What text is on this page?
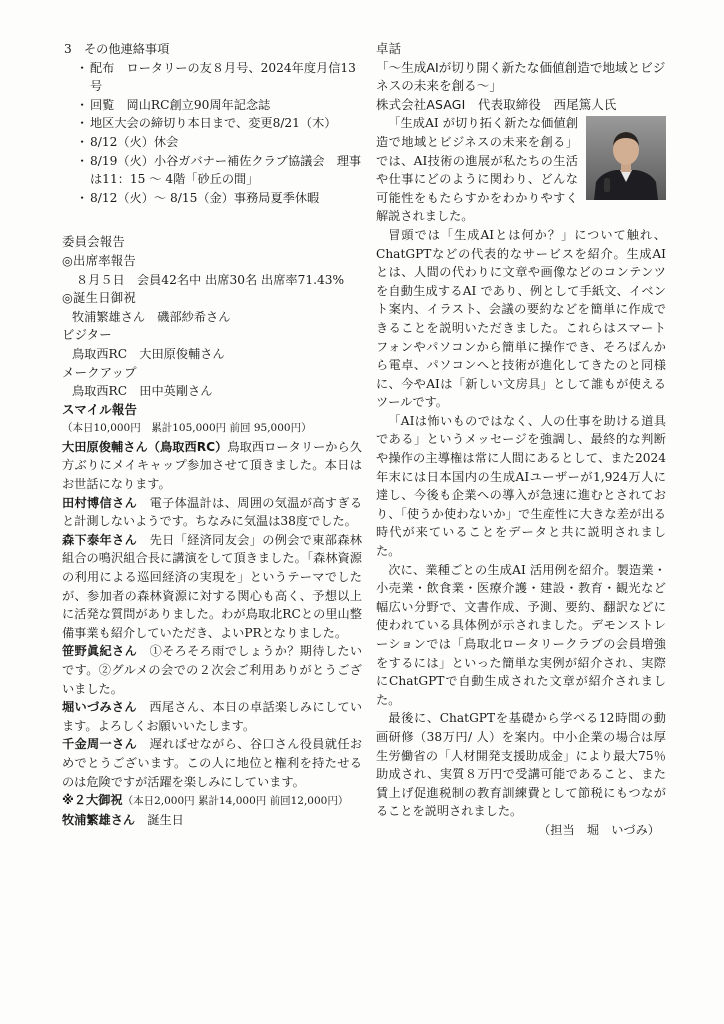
3 その他連絡事項

・ 配布　ロータリーの友８月号、2024年度月信13号
・ 回覧　岡山RC創立90周年記念誌
・ 地区大会の締切り本日まで、変更8/21（木）
・ 8/12（火）休会
・ 8/19（火）小谷ガバナー補佐クラブ協議会　理事は11：15 ～ 4階「砂丘の間」
・ 8/12（火）～ 8/15（金）事務局夏季休暇

委員会報告

◎出席率報告

８月５日　会員42名中 出席30名 出席率71.43%

◎誕生日御祝

牧浦繁雄さん　磯部紗希さん

ビジター

鳥取西RC　大田原俊輔さん

メークアップ

鳥取西RC　田中英剛さん

スマイル報告

（本日10,000円　累計105,000円 前回 95,000円）

大田原俊輔さん（鳥取西RC）鳥取西ロータリーから久方ぶりにメイキャップ参加させて頂きました。本日はお世話になります。

田村博信さん　 電子体温計は、周囲の気温が高すぎると計測しないようです。ちなみに気温は38度でした。

森下泰年さん　 先日「経済同友会」の例会で東部森林組合の鳴沢組合長に講演をして頂きました。「森林資源の利用による巡回経済の実現を」というテーマでしたが、参加者の森林資源に対する関心も高く、予想以上に活発な質問がありました。わが鳥取北RCとの里山整備事業も紹介していただき、よいPRとなりました。

笹野眞紀さん　 ①そろそろ雨でしょうか？期待したいです。②グルメの会での２次会ご利用ありがとうございました。

堀いづみさん　 西尾さん、本日の卓話楽しみにしています。よろしくお願いいたします。

千金周一さん　 遅ればせながら、谷口さん役員就任おめでとうございます。この人に地位と権利を持たせるのは危険ですが活躍を楽しみにしています。

※２大御祝（本日2,000円 累計14,000円 前回12,000円）

牧浦繁雄さん　 誕生日

卓話

「～生成AIが切り開く新たな価値創造で地域とビジネスの未来を創る～」

株式会社ASAGI　代表取締役　西尾篤人氏

「生成AI が切り拓く新たな価値創造で地域とビジネスの未来を創る」では、AI技術の進展が私たちの生活や仕事にどのように関わり、どんな可能性をもたらすかをわかりやすく解説されました。

冒頭では「生成AIとは何か？」について触れ、ChatGPTなどの代表的なサービスを紹介。生成AI とは、人間の代わりに文章や画像などのコンテンツを自動生成するAI であり、例として手紙文、イベント案内、イラスト、会議の要約などを簡単に作成できることを説明いただきました。これらはスマートフォンやパソコンから簡単に操作でき、そろばんから電卓、パソコンへと技術が進化してきたのと同様に、今やAIは「新しい文房具」として誰もが使えるツールです。

「AIは怖いものではなく、人の仕事を助ける道具である」というメッセージを強調し、最終的な判断や操作の主導権は常に人間にあるとして、また2024年末には日本国内の生成AIユーザーが1,924万人に達し、今後も企業への導入が急速に進むとされており、「使うか使わないか」で生産性に大きな差が出る時代が来ていることをデータと共に説明されました。

次に、業種ごとの生成AI 活用例を紹介。製造業・小売業・飲食業・医療介護・建設・教育・観光など幅広い分野で、文書作成、予測、要約、翻訳などに使われている具体例が示されました。デモンストレーションでは「鳥取北ロータリークラブの会員増強をするには」といった簡単な実例が紹介され、実際にChatGPTで自動生成された文章が紹介されました。

最後に、ChatGPTを基礎から学べる12時間の動画研修（38万円/ 人）を案内。中小企業の場合は厚生労働省の「人材開発支援助成金」により最大75％助成され、実質８万円で受講可能であること、また賃上げ促進税制の教育訓練費として節税にもつながることを説明されました。

（担当　堀　いづみ）
